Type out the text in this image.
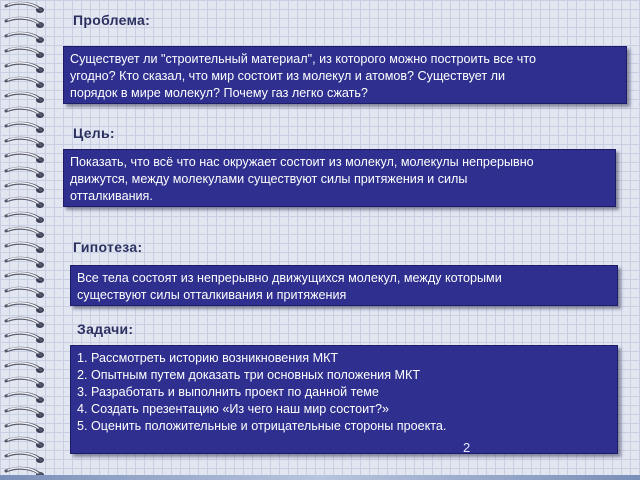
Проблема:
Существует ли "строительный материал", из которого можно построить все что
угодно? Кто сказал, что мир состоит из молекул и атомов? Существует ли
порядок в мире молекул? Почему газ легко сжать?
Цель:
Показать, что всё что нас окружает состоит из молекул, молекулы непрерывно
движутся, между молекулами существуют силы притяжения и силы
отталкивания.
Гипотеза:
Все тела состоят из непрерывно движущихся молекул, между которыми
существуют силы отталкивания и притяжения
Задачи:
1. Рассмотреть историю возникновения МКТ
2. Опытным путем доказать три основных положения МКТ
3. Разработать и выполнить проект по данной теме
4. Создать презентацию «Из чего наш мир состоит?»
5. Оценить положительные и отрицательные стороны проекта.
2
